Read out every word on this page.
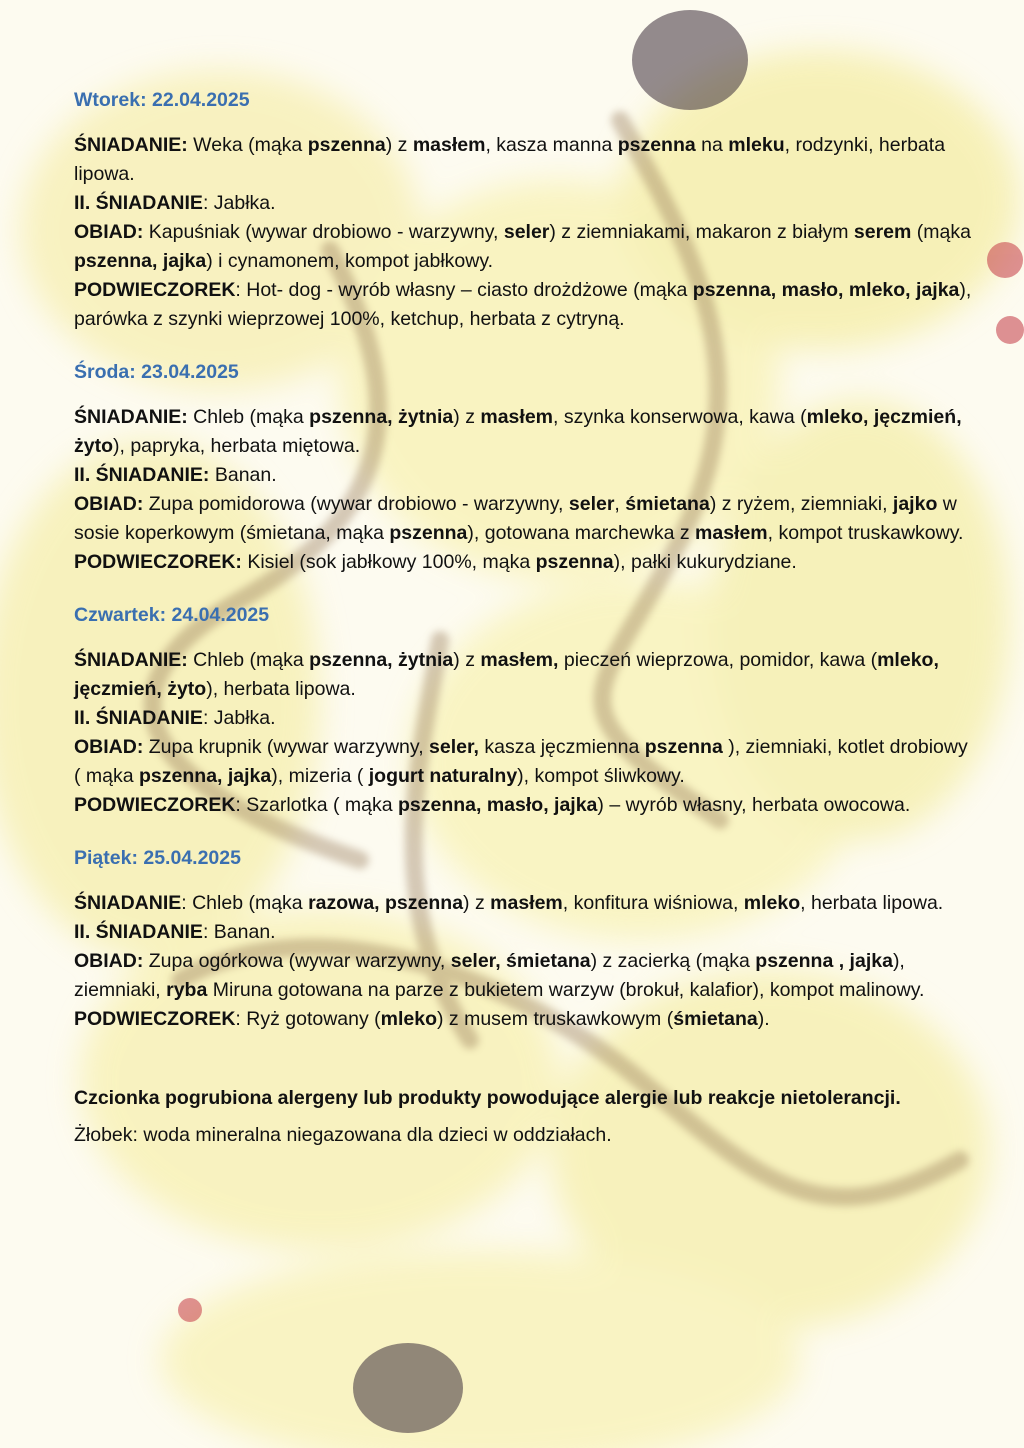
Wtorek: 22.04.2025

ŚNIADANIE: Weka (mąka pszenna) z masłem, kasza manna pszenna na mleku, rodzynki, herbata lipowa.

II. ŚNIADANIE: Jabłka.

OBIAD: Kapuśniak (wywar drobiowo - warzywny, seler) z ziemniakami, makaron z białym serem (mąka pszenna, jajka) i cynamonem, kompot jabłkowy.

PODWIECZOREK: Hot- dog - wyrób własny – ciasto drożdżowe (mąka pszenna, masło, mleko, jajka), parówka z szynki wieprzowej 100%, ketchup, herbata z cytryną.

Środa: 23.04.2025

ŚNIADANIE: Chleb (mąka pszenna, żytnia) z masłem, szynka konserwowa, kawa (mleko, jęczmień, żyto), papryka, herbata miętowa.

II. ŚNIADANIE: Banan.

OBIAD: Zupa pomidorowa (wywar drobiowo - warzywny, seler, śmietana) z ryżem, ziemniaki, jajko w sosie koperkowym (śmietana, mąka pszenna), gotowana marchewka z masłem, kompot truskawkowy.

PODWIECZOREK: Kisiel (sok jabłkowy 100%, mąka pszenna), pałki kukurydziane.

Czwartek: 24.04.2025

ŚNIADANIE: Chleb (mąka pszenna, żytnia) z masłem, pieczeń wieprzowa, pomidor, kawa (mleko, jęczmień, żyto), herbata lipowa.

II. ŚNIADANIE: Jabłka.

OBIAD: Zupa krupnik (wywar warzywny, seler, kasza jęczmienna pszenna ), ziemniaki, kotlet drobiowy ( mąka pszenna, jajka), mizeria ( jogurt naturalny), kompot śliwkowy.

PODWIECZOREK: Szarlotka ( mąka pszenna, masło, jajka) – wyrób własny, herbata owocowa.

Piątek: 25.04.2025

ŚNIADANIE: Chleb (mąka razowa, pszenna) z masłem, konfitura wiśniowa, mleko, herbata lipowa.

II. ŚNIADANIE: Banan.

OBIAD: Zupa ogórkowa (wywar warzywny, seler, śmietana) z zacierką (mąka pszenna , jajka), ziemniaki, ryba Miruna gotowana na parze z bukietem warzyw (brokuł, kalafior), kompot malinowy.

PODWIECZOREK: Ryż gotowany (mleko) z musem truskawkowym (śmietana).

Czcionka pogrubiona alergeny lub produkty powodujące alergie lub reakcje nietolerancji.
Żłobek: woda mineralna niegazowana dla dzieci w oddziałach.
